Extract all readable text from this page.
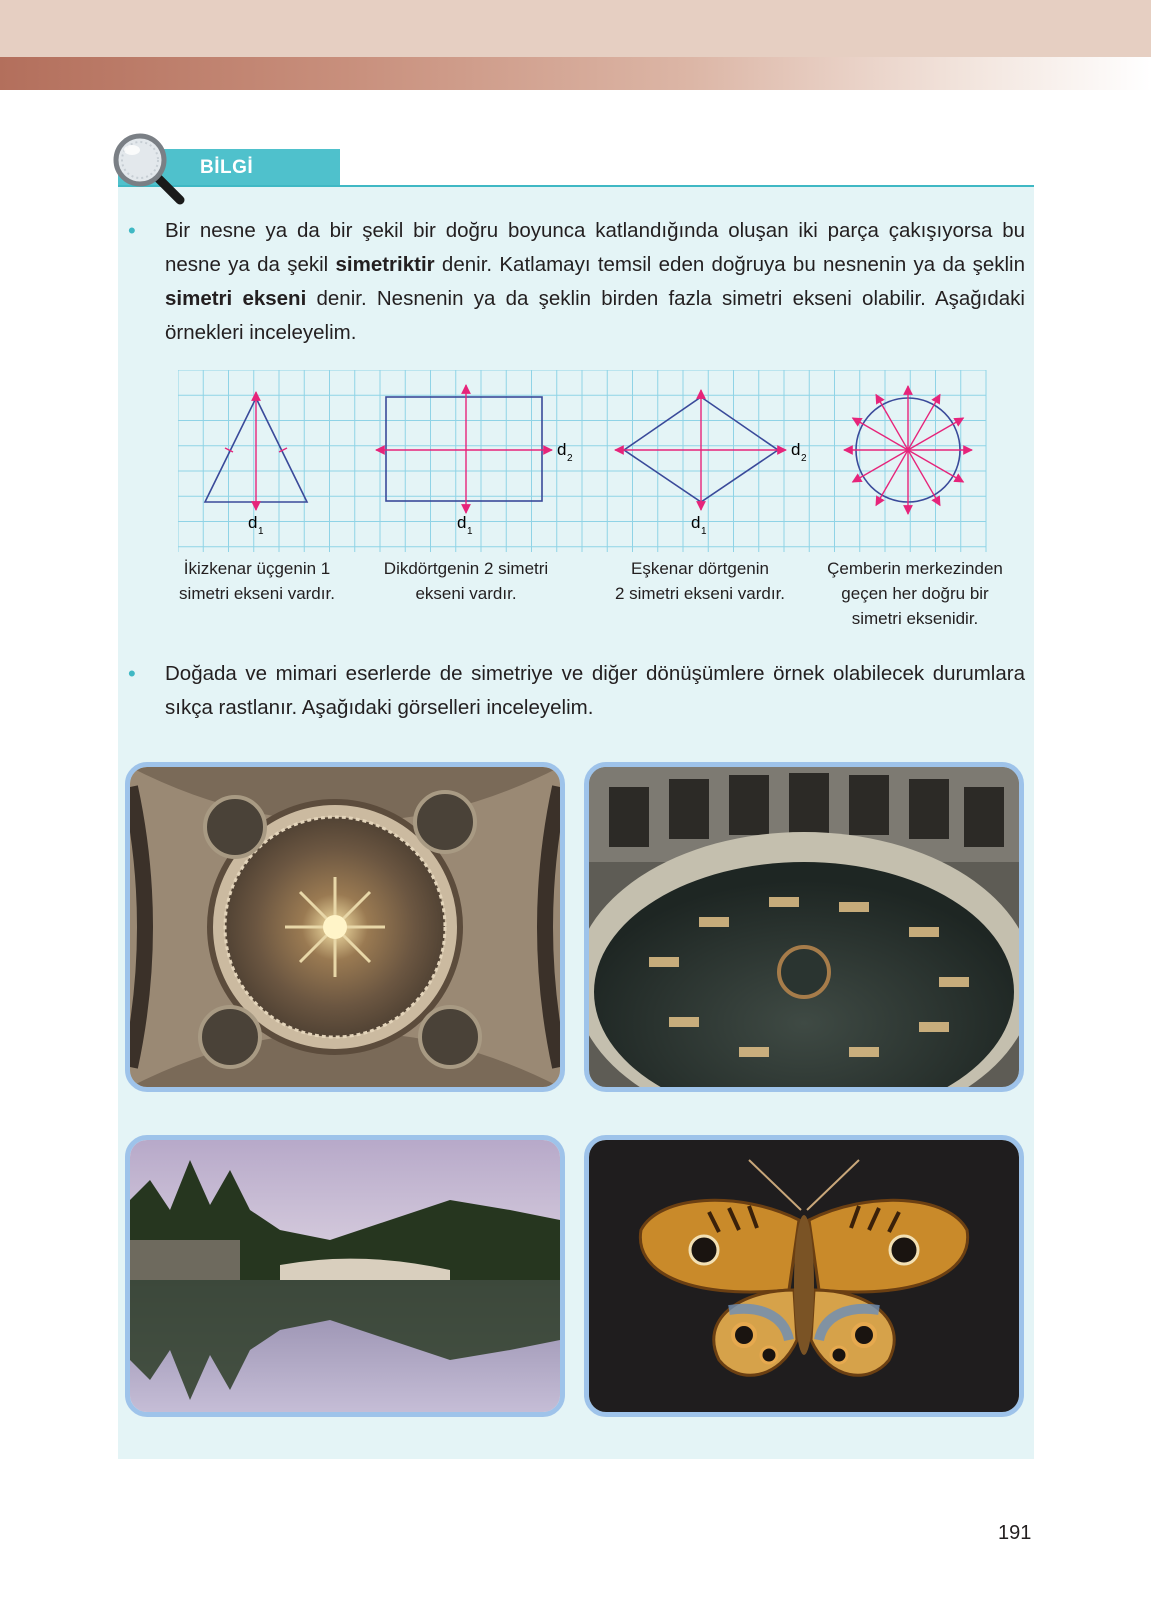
BİLGİ
• Bir nesne ya da bir şekil bir doğru boyunca katlandığında oluşan iki parça çakışıyorsa bu nesne ya da şekil simetriktir denir. Katlamayı temsil eden doğruya bu nesnenin ya da şeklin simetri ekseni denir. Nesnenin ya da şeklin birden fazla simetri ekseni olabilir. Aşağıdaki örnekleri inceleyelim.
d 1	d 1
d 2
d 1
d 2
İkizkenar üçgenin 1
simetri ekseni vardır.
Dikdörtgenin 2 simetri
ekseni vardır.
Eşkenar dörtgenin
2 simetri ekseni vardır.
Çemberin merkezinden
geçen her doğru bir
simetri eksenidir.
• Doğada ve mimari eserlerde de simetriye ve diğer dönüşümlere örnek olabilecek durumlara sıkça rastlanır. Aşağıdaki görselleri inceleyelim.
191
